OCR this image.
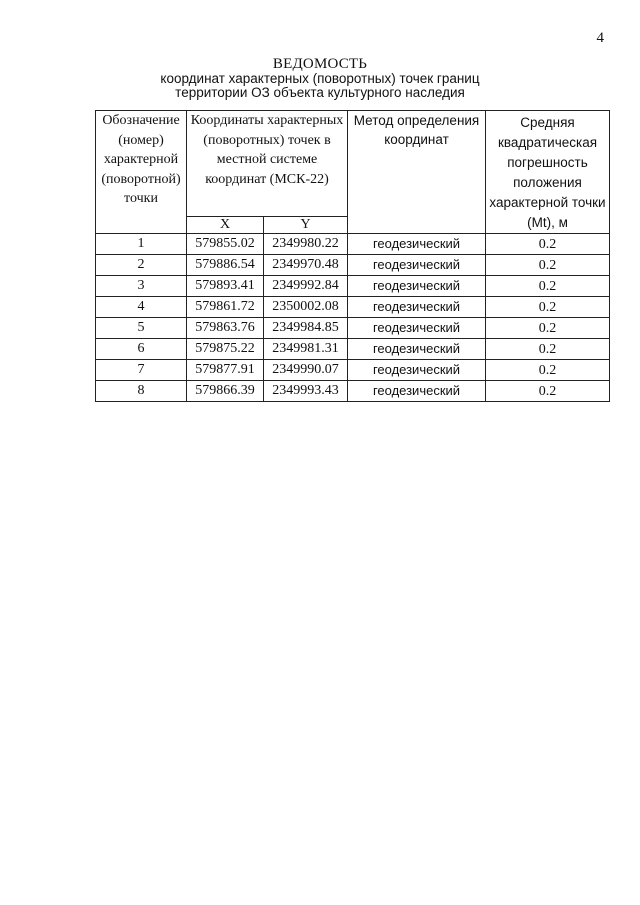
4
ВЕДОМОСТЬ
координат характерных (поворотных) точек границ
территории ОЗ объекта культурного наследия
Обозначение (номер) характерной (поворотной) точки	Координаты характерных (поворотных) точек в местной системе координат (МСК-22)		Метод определения координат	Средняя квадратическая погрешность положения характерной точки (Mt), м
	X	Y		
1	579855.02	2349980.22	геодезический	0.2
2	579886.54	2349970.48	геодезический	0.2
3	579893.41	2349992.84	геодезический	0.2
4	579861.72	2350002.08	геодезический	0.2
5	579863.76	2349984.85	геодезический	0.2
6	579875.22	2349981.31	геодезический	0.2
7	579877.91	2349990.07	геодезический	0.2
8	579866.39	2349993.43	геодезический	0.2
